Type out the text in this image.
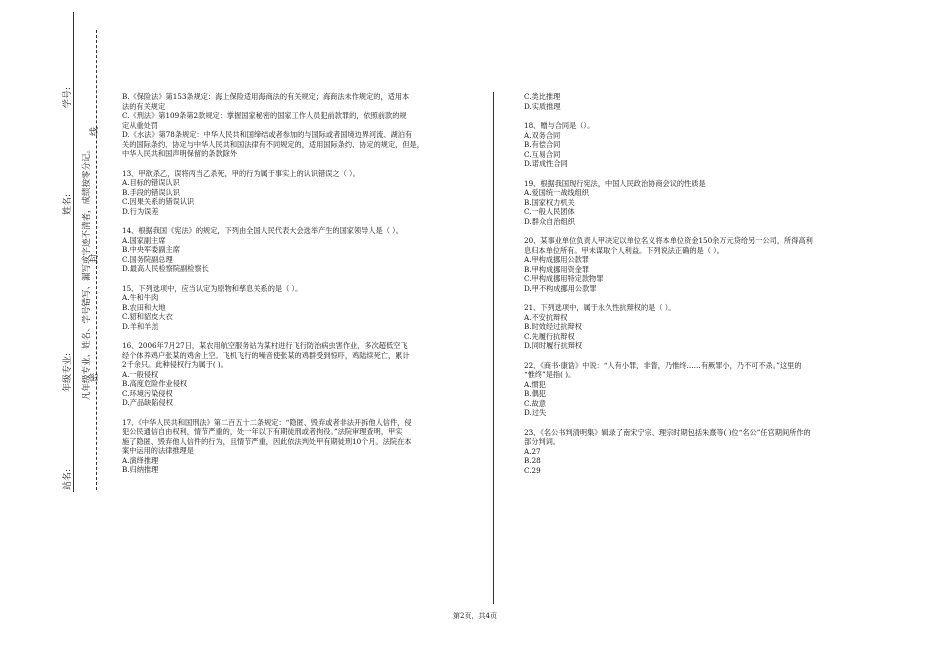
学号:
姓名:
年级专业:
站名:
凡年级专业、姓名、学号错写、漏写或字迹不清者，成绩按零分记。
线
封
密
B.《保险法》第153条规定：海上保险适用海商法的有关规定；海商法未作规定的，适用本
法的有关规定
C.《刑法》第109条第2款规定：掌握国家秘密的国家工作人员犯前款罪的，依照前款的规
定从重处罚
D.《水法》第78条规定：中华人民共和国缔结或者参加的与国际或者国境边界河流、湖泊有
关的国际条约、协定与中华人民共和国法律有不同规定的，适用国际条约、协定的规定，但是，
中华人民共和国声明保留的条款除外
13、甲欲杀乙，误将丙当乙杀死，甲的行为属于事实上的认识错误之（ ）。
A.目标的错误认识
B.手段的错误认识
C.因果关系的错误认识
D.行为误差
14、根据我国《宪法》的规定，下列由全国人民代表大会选举产生的国家领导人是（ ）。
A.国家副主席
B.中央军委副主席
C.国务院副总理
D.最高人民检察院副检察长
15、下列选项中，应当认定为原物和孳息关系的是（ ）。
A.牛和牛肉
B.农田和大地
C.貂和貂皮大衣
D.羊和羊羔
16、2006年7月27日，某农用航空服务站为某村进行飞行防治病虫害作业，多次超低空飞
经个体养鸡户张某的鸡舍上空。飞机飞行的噪音使张某的鸡群受到惊吓，鸡陆续死亡，累计
2千余只。此种侵权行为属于( )。
A.一般侵权
B.高度危险作业侵权
C.环境污染侵权
D.产品缺陷侵权
17、《中华人民共和国刑法》第二百五十二条规定：“隐匿、毁弃或者非法开拆他人信件，侵
犯公民通信自由权利，情节严重的，处一年以下有期徒刑或者拘役。”法院审理查明，甲实
施了隐匿、毁弃他人信件的行为，且情节严重，因此依法判处甲有期徒刑10个月。法院在本
案中运用的法律推理是
A.演绎推理
B.归纳推理
C.类比推理
D.实质推理
18、赠与合同是（）。
A.双务合同
B.有偿合同
C.互易合同
D.诺成性合同
19、根据我国现行宪法，中国人民政治协商会议的性质是
A.爱国统一战线组织
B.国家权力机关
C.一般人民团体
D.群众自治组织
20、某事业单位负责人甲决定以单位名义将本单位资金150余万元贷给另一公司，所得高利
息归本单位所有。甲未谋取个人利益。下列说法正确的是（ ）。
A.甲构成挪用公款罪
B.甲构成挪用资金罪
C.甲构成挪用特定款物罪
D.甲不构成挪用公款罪
21、下列选项中，属于永久性抗辩权的是（ ）。
A.不安抗辩权
B.时效经过抗辩权
C.先履行抗辩权
D.同时履行抗辩权
22、《商书·康诰》中说：“人有小罪，非眚，乃惟终……有厥罪小，乃不可不杀。”这里的
“惟终”是指( )。
A.惯犯
B.偶犯
C.故意
D.过失
23、《名公书判清明集》辑录了南宋宁宗、理宗时期包括朱熹等( )位“名公”任官期间所作的
部分判词。
A.27
B.28
C.29
第2页，共4页
